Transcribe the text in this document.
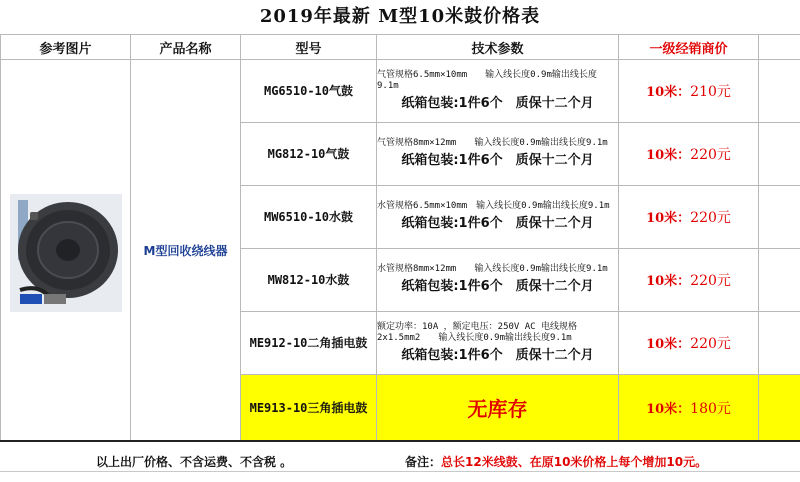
2019年最新 M型10米鼓价格表
参考图片	产品名称	型号	技术参数	一级经销商价	

	M型回收绕线器	MG6510-10气鼓	气管规格6.5mm×10mm　　输入线长度0.9m输出线长度9.1m
纸箱包装:1件6个　质保十二个月	10米：210元	
		MG812-10气鼓	气管规格8mm×12mm　　输入线长度0.9m输出线长度9.1m
纸箱包装:1件6个　质保十二个月	10米：220元	
		MW6510-10水鼓	水管规格6.5mm×10mm　输入线长度0.9m输出线长度9.1m
纸箱包装:1件6个　质保十二个月	10米：220元	
		MW812-10水鼓	水管规格8mm×12mm　　输入线长度0.9m输出线长度9.1m
纸箱包装:1件6个　质保十二个月	10米：220元	
		ME912-10二角插电鼓	额定功率：10A ，额定电压：250V AC 电线规格2x1.5mm2　　输入线长度0.9m输出线长度9.1m
纸箱包装:1件6个　质保十二个月	10米：220元	
		ME913-10三角插电鼓	无库存	10米：180元	
以上出厂价格、不含运费、不含税 。	备注：总长12米线鼓、在原10米价格上每个增加10元。
